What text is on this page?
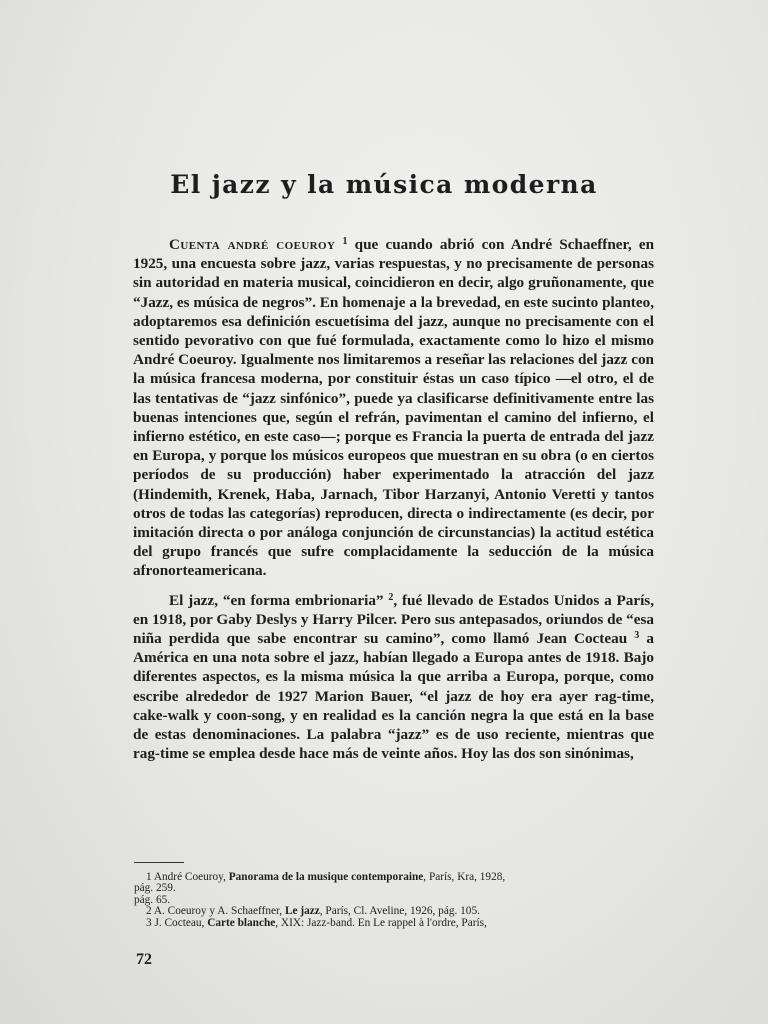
El jazz y la música moderna

Cuenta andré coeuroy $^1$ que cuando abrió con André Schaeffner, en 1925, una encuesta sobre jazz, varias respuestas, y no precisamente de personas sin autoridad en materia musical, coincidieron en decir, algo gruñonamente, que “Jazz, es música de negros”. En homenaje a la brevedad, en este sucinto planteo, adoptaremos esa definición escuetísima del jazz, aunque no precisamente con el sentido pevorativo con que fué formulada, exactamente como lo hizo el mismo André Coeuroy. Igualmente nos limitaremos a reseñar las relaciones del jazz con la música francesa moderna, por constituir éstas un caso típico —el otro, el de las tentativas de “jazz sinfónico”, puede ya clasificarse definitivamente entre las buenas intenciones que, según el refrán, pavimentan el camino del infierno, el infierno estético, en este caso—; porque es Francia la puerta de entrada del jazz en Europa, y porque los músicos europeos que muestran en su obra (o en ciertos períodos de su producción) haber experimentado la atracción del jazz (Hindemith, Krenek, Haba, Jarnach, Tibor Harzanyi, Antonio Veretti y tantos otros de todas las categorías) reproducen, directa o indirectamente (es decir, por imitación directa o por análoga conjunción de circunstancias) la actitud estética del grupo francés que sufre complacidamente la seducción de la música afronorteamericana.

El jazz, “en forma embrionaria” $^2$, fué llevado de Estados Unidos a París, en 1918, por Gaby Deslys y Harry Pilcer. Pero sus antepasados, oriundos de “esa niña perdida que sabe encontrar su camino”, como llamó Jean Cocteau $^3$ a América en una nota sobre el jazz, habían llegado a Europa antes de 1918. Bajo diferentes aspectos, es la misma música la que arriba a Europa, porque, como escribe alrededor de 1927 Marion Bauer, “el jazz de hoy era ayer rag-time, cake-walk y coon-song, y en realidad es la canción negra la que está en la base de estas denominaciones. La palabra “jazz” es de uso reciente, mientras que rag-time se emplea desde hace más de veinte años. Hoy las dos son sinónimas,

1 André Coeuroy, Panorama de la musique contemporaine, París, Kra, 1928,

pág. 259.

pág. 65.

2 A. Coeuroy y A. Schaeffner, Le jazz, París, Cl. Aveline, 1926, pág. 105.

3 J. Cocteau, Carte blanche, XIX: Jazz-band. En Le rappel à l'ordre, París,

72
